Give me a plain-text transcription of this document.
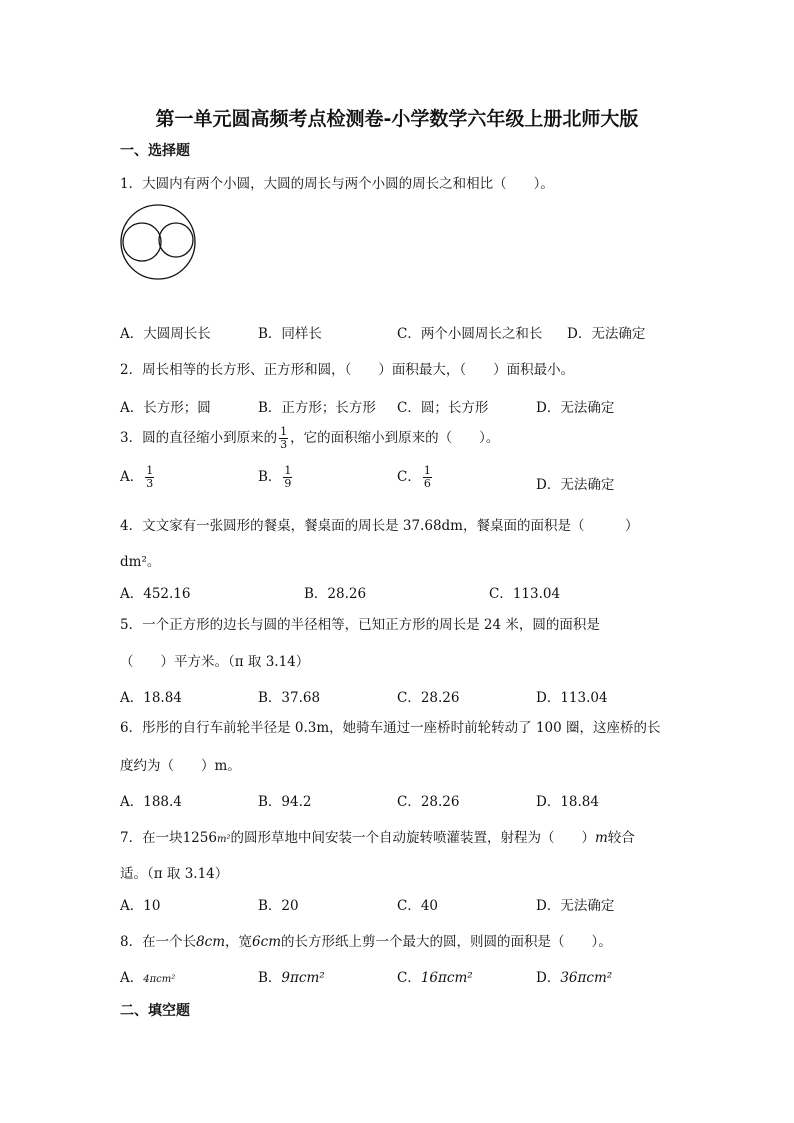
第一单元圆高频考点检测卷-小学数学六年级上册北师大版
一、选择题
1．大圆内有两个小圆，大圆的周长与两个小圆的周长之和相比（　　）。
A．大圆周长长	B．同样长	C．两个小圆周长之和长 D．无法确定
2．周长相等的长方形、正方形和圆，（　　）面积最大，（　　）面积最小。
A．长方形；圆	B．正方形；长方形 C．圆；长方形	D．无法确定
3．圆的直径缩小到原来的 $\frac{1}{3}$ ，它的面积缩小到原来的（　　）。
A． $\frac{1}{3}$	B． $\frac{1}{9}$	C． $\frac{1}{6}$	D．无法确定
4．文文家有一张圆形的餐桌，餐桌面的周长是 37.68dm，餐桌面的面积是（　　　）
dm²。
A．452.16	B．28.26	C．113.04
5．一个正方形的边长与圆的半径相等，已知正方形的周长是 24 米，圆的面积是
（　　）平方米。（π 取 3.14）
A．18.84	B．37.68	C．28.26	D．113.04
6．彤彤的自行车前轮半径是 0.3m，她骑车通过一座桥时前轮转动了 100 圈，这座桥的长
度约为（　　）m。
A．188.4	B．94.2	C．28.26	D．18.84
7．在一块1256m²的圆形草地中间安装一个自动旋转喷灌装置，射程为（　　）m较合
适。（π 取 3.14）
A．10	B．20	C．40	D．无法确定
8．在一个长8cm，宽6cm的长方形纸上剪一个最大的圆，则圆的面积是（　　）。
A．4πcm²	B．9πcm²	C．16πcm²	D．36πcm²
二、填空题
